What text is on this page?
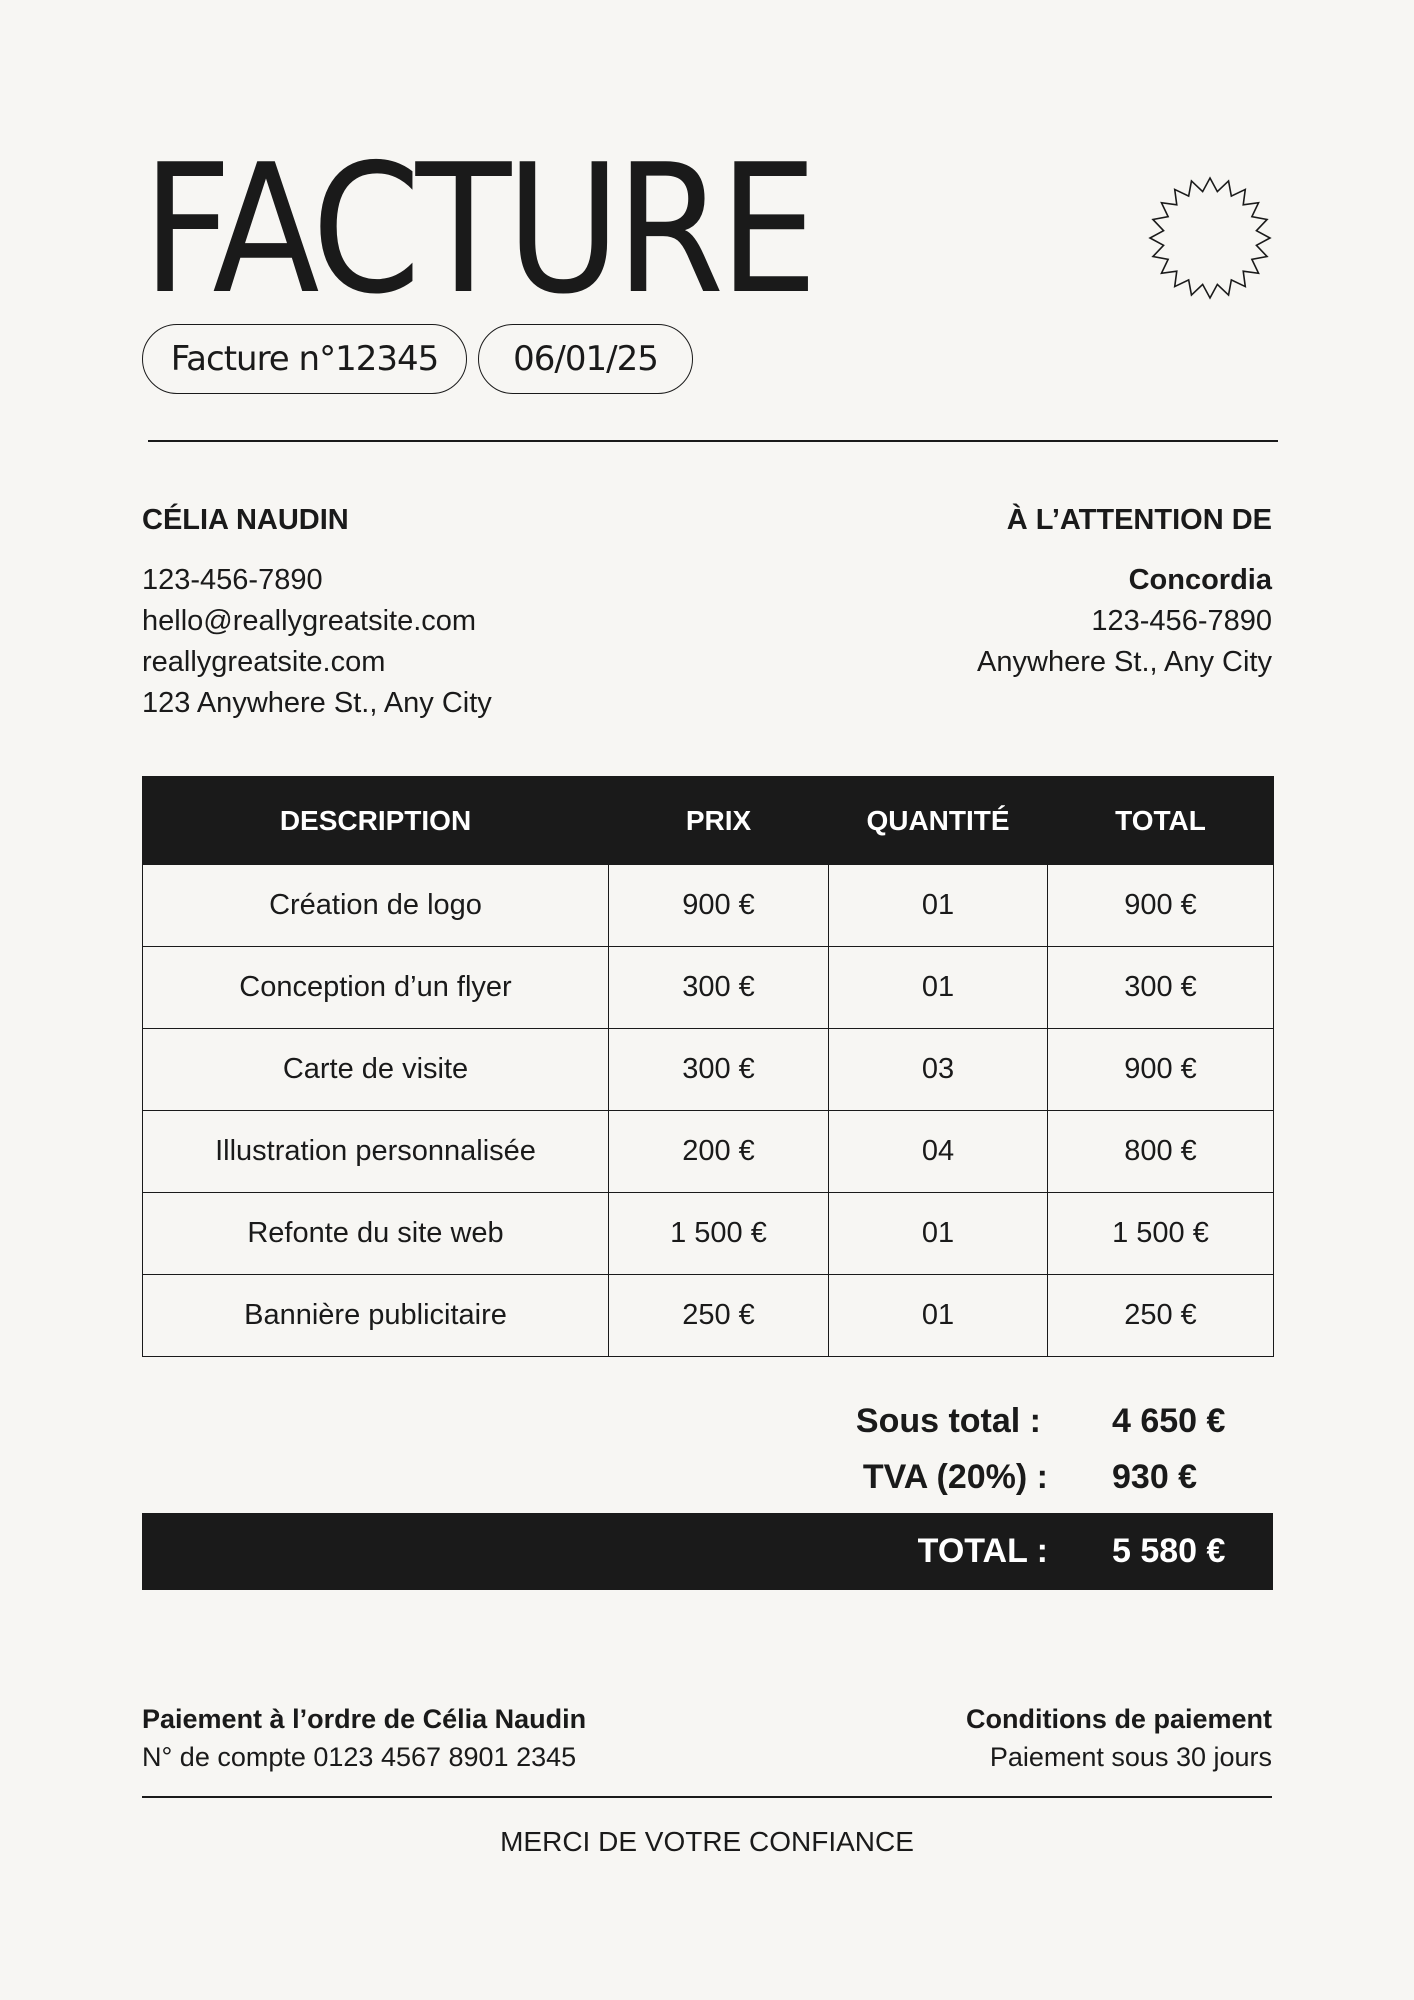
FACTURE
Facture n°12345	06/01/25
CÉLIA NAUDIN
123-456-7890
hello@reallygreatsite.com
reallygreatsite.com
123 Anywhere St., Any City
À L’ATTENTION DE
Concordia
123-456-7890
Anywhere St., Any City
DESCRIPTION	PRIX	QUANTITÉ	TOTAL
Création de logo	900 €	01	900 €
Conception d’un flyer	300 €	01	300 €
Carte de visite	300 €	03	900 €
Illustration personnalisée	200 €	04	800 €
Refonte du site web	1 500 €	01	1 500 €
Bannière publicitaire	250 €	01	250 €
Sous total : 4 650 €
TVA (20%) : 930 €
TOTAL : 5 580 €
Paiement à l’ordre de Célia Naudin
N° de compte 0123 4567 8901 2345
Conditions de paiement
Paiement sous 30 jours
MERCI DE VOTRE CONFIANCE
